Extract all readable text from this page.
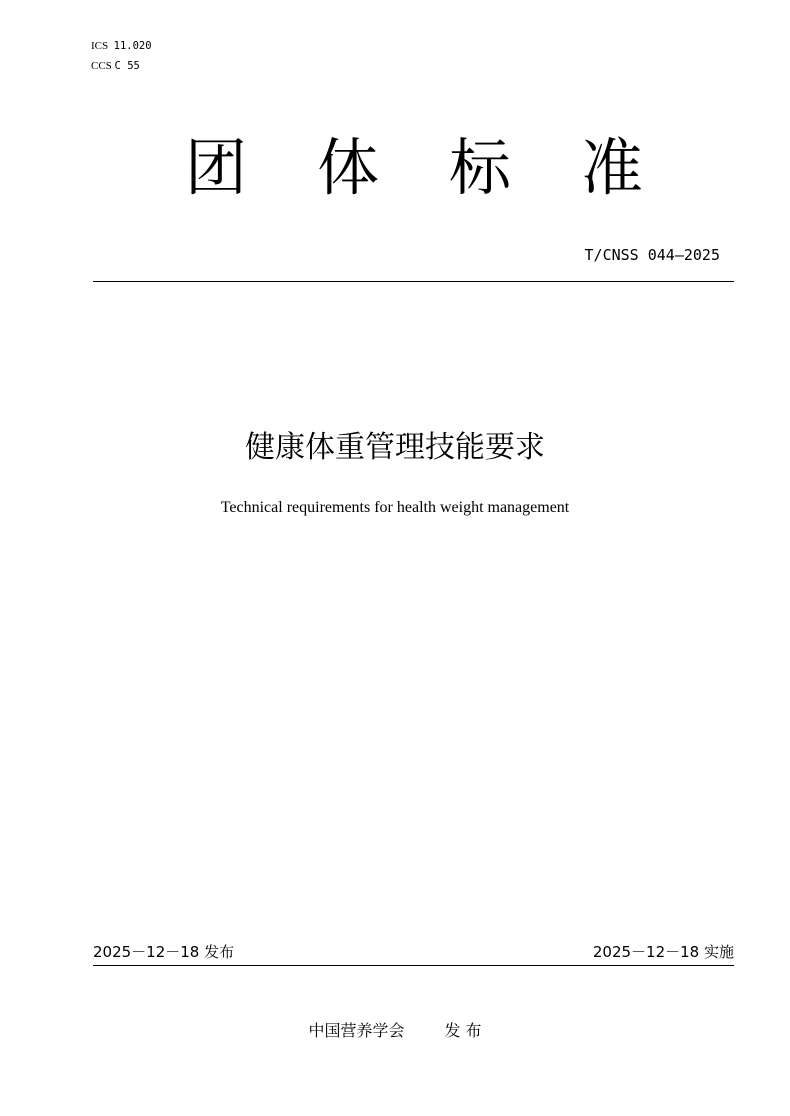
ICS 11.020
CCS C 55
团	体	标	准
T/CNSS 044—2025
健康体重管理技能要求
Technical requirements for health weight management
2025－12－18 发布	2025－12－18 实施
中国营养学会	发 布
